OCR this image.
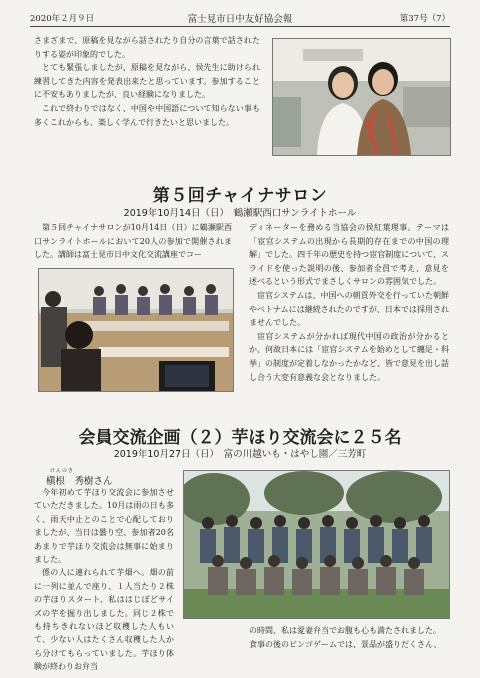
2020年２月９日	富士見市日中友好協会報	第37号（7）

さまざまで、原稿を見ながら話されたり自分の言葉で話されたりする姿が印象的でした。

とても緊張しましたが、原稿を見ながら、侯先生に助けられ練習してきた内容を発表出来たと思っています。参加することに不安もありましたが、良い経験になりました。

これで終わりではなく、中国や中国語について知らない事も多くこれからも、楽しく学んで行きたいと思いました。

第５回チャイナサロン
2019年10月14日（日）　鶴瀬駅西口サンライトホール

第５回チャイナサロンが10月14日（日）に鶴瀬駅西口サンライトホールにおいて20人の参加で開催されました。講師は富士見市日中文化交流講座でコー

ディネーターを務める当協会の侯紅葉理事。テーマは「宦官システムの出現から長期的存在までの中国の理解」でした。四千年の歴史を持つ宦官制度について、スライドを使った説明の後、参加者全員で考え、意見を述べるという形式でまさしくサロンの雰囲気でした。

宦官システムは、中国への朝貢外交を行っていた朝鮮やベトナムには継続されたのですが、日本では採用されませんでした。

宦官システムが分かれば現代中国の政治が分かるとか、何故日本には「宦官システムを始めとして纏足・科挙」の制度が定着しなかったかなど、皆で意見を出し話し合う大変有意義な会となりました。

会員交流企画（２）芋ほり交流会に２５名
2019年10月27日（日）　富の川越いも・はやし園／三芳町
けんのき
槇根　秀樹さん

今年初めて芋ほり交流会に参加させていただきました。10月は雨の日も多く、雨天中止とのことで心配しておりましたが、当日は曇り空、参加者20名あまりで芋ほり交流会は無事に始まりました。

係の人に連れられて芋畑へ。畑の前に一列に並んで座り、１人当たり２株の芋ほりスタート、私ははじぼどサイズの芋を掘り出しました。同じ２株でも持ちきれないほど収穫した人もいて、少ない人はたくさん収穫した人から分けてもらっていました。芋ほり体験が終わりお弁当

の時間、私は愛妻弁当でお腹も心も満たされました。

食事の後のビンゴゲームでは、景品が盛りだくさん、
